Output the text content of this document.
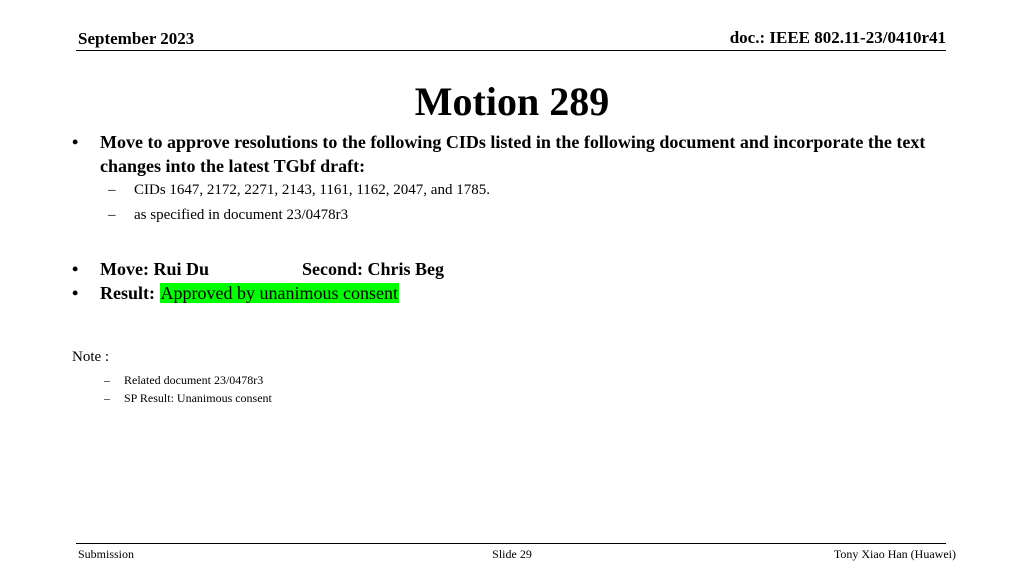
September 2023	doc.: IEEE 802.11-23/0410r41
Motion 289
• Move to approve resolutions to the following CIDs listed in the following document and incorporate the text changes into the latest TGbf draft:
– CIDs 1647, 2172, 2271, 2143, 1161, 1162, 2047, and 1785.
– as specified in document 23/0478r3
• Move: Rui Du	Second: Chris Beg
• Result: Approved by unanimous consent
Note :
– Related document 23/0478r3
– SP Result: Unanimous consent
Submission	Slide 29	Tony Xiao Han (Huawei)
